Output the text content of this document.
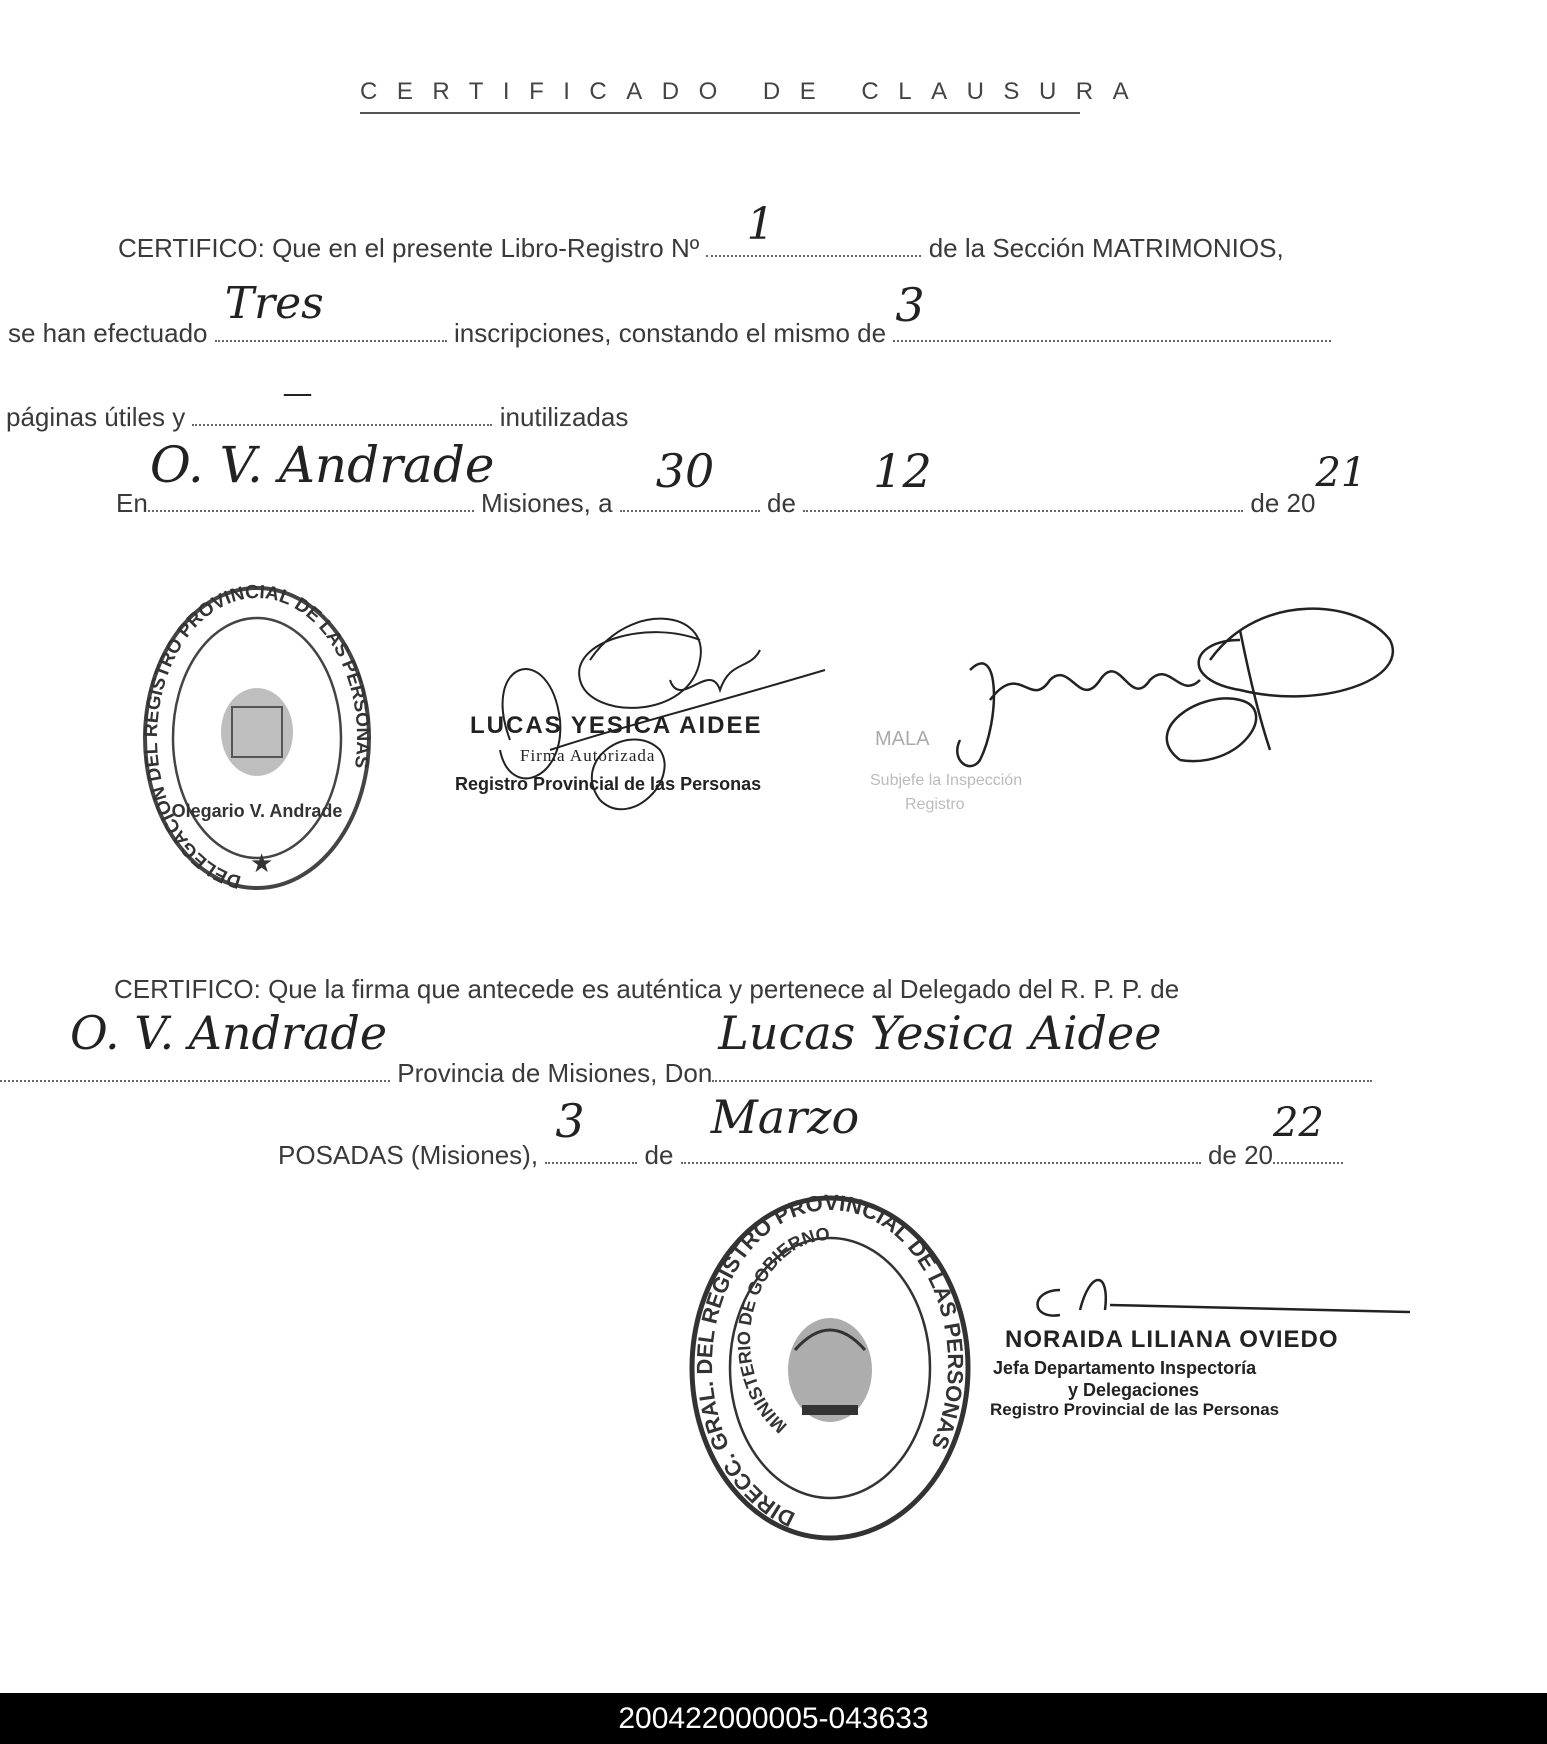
CERTIFICADO DE CLAUSURA
CERTIFICO: Que en el presente Libro-Registro Nº 1	de la Sección MATRIMONIOS,
se han efectuado
Tres
inscripciones, constando el mismo de
3
páginas útiles y
—
inutilizadas
En
O. V. Andrade
Misiones, a
30
de
12
de 20
21
DELEGACION DEL REGISTRO PROVINCIAL DE LAS PERSONAS
Olegario V. Andrade
★
LUCAS YESICA AIDEE
Firma Autorizada
Registro Provincial de las Personas
MALA
Subjefe la Inspección
Registro
CERTIFICO: Que la firma que antecede es auténtica y pertenece al Delegado del R. P. P. de
O. V. Andrade
Provincia de Misiones, Don
Lucas Yesica Aidee
POSADAS (Misiones),
3
de
Marzo
de 20
22
DIRECC. GRAL. DEL REGISTRO PROVINCIAL DE LAS PERSONAS
MINISTERIO DE GOBIERNO
NORAIDA LILIANA OVIEDO
Jefa Departamento Inspectoría
y Delegaciones
Registro Provincial de las Personas
200422000005-043633
